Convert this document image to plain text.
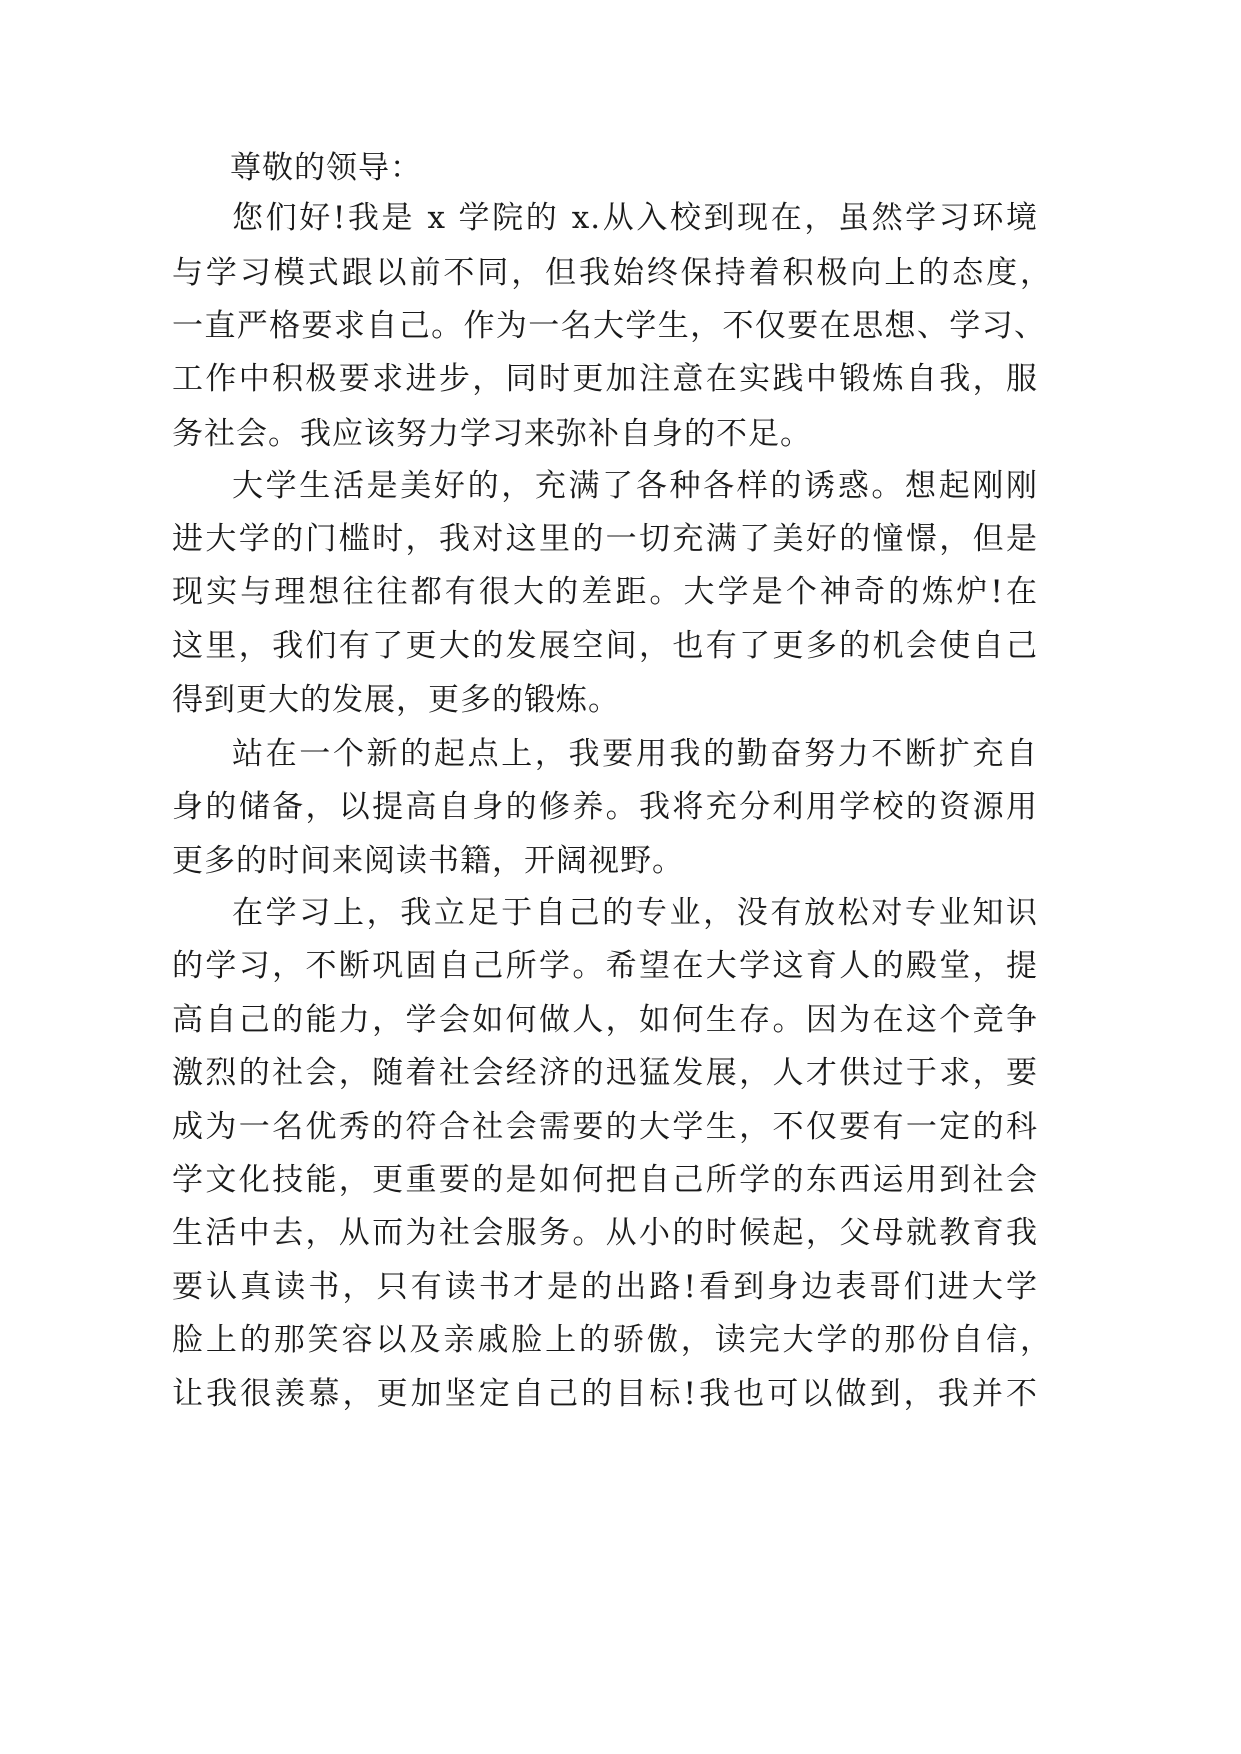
尊敬的领导：
您们好!我是 x 学院的 x.从入校到现在，虽然学习环境
与学习模式跟以前不同，但我始终保持着积极向上的态度，
一直严格要求自己。作为一名大学生，不仅要在思想、学习、
工作中积极要求进步，同时更加注意在实践中锻炼自我，服
务社会。我应该努力学习来弥补自身的不足。
大学生活是美好的，充满了各种各样的诱惑。想起刚刚
进大学的门槛时，我对这里的一切充满了美好的憧憬，但是
现实与理想往往都有很大的差距。大学是个神奇的炼炉!在
这里，我们有了更大的发展空间，也有了更多的机会使自己
得到更大的发展，更多的锻炼。
站在一个新的起点上，我要用我的勤奋努力不断扩充自
身的储备，以提高自身的修养。我将充分利用学校的资源用
更多的时间来阅读书籍，开阔视野。
在学习上，我立足于自己的专业，没有放松对专业知识
的学习，不断巩固自己所学。希望在大学这育人的殿堂，提
高自己的能力，学会如何做人，如何生存。因为在这个竞争
激烈的社会，随着社会经济的迅猛发展，人才供过于求，要
成为一名优秀的符合社会需要的大学生，不仅要有一定的科
学文化技能，更重要的是如何把自己所学的东西运用到社会
生活中去，从而为社会服务。从小的时候起，父母就教育我
要认真读书，只有读书才是的出路!看到身边表哥们进大学
脸上的那笑容以及亲戚脸上的骄傲，读完大学的那份自信，
让我很羡慕，更加坚定自己的目标!我也可以做到，我并不
